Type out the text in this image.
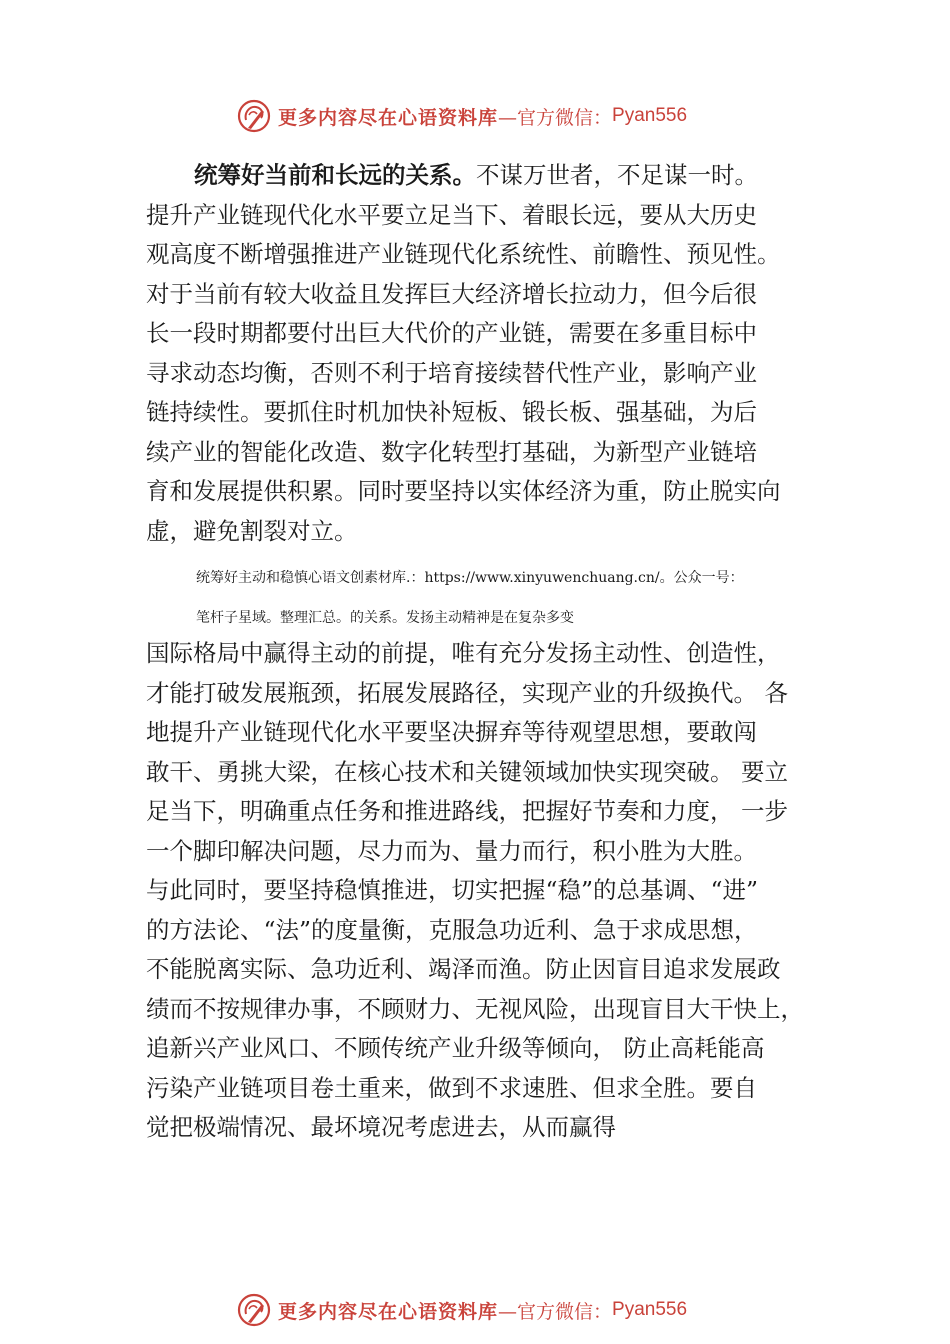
更多内容尽在心语资料库 —官方微信： Pyan556
统筹好当前和长远的关系。不谋万世者，不足谋一时。
提升产业链现代化水平要立足当下、着眼长远，要从大历史
观高度不断增强推进产业链现代化系统性、前瞻性、预见性。
对于当前有较大收益且发挥巨大经济增长拉动力，但今后很
长一段时期都要付出巨大代价的产业链，需要在多重目标中
寻求动态均衡，否则不利于培育接续替代性产业，影响产业
链持续性。要抓住时机加快补短板、锻长板、强基础，为后
续产业的智能化改造、数字化转型打基础，为新型产业链培
育和发展提供积累。同时要坚持以实体经济为重，防止脱实向
虚，避免割裂对立。
统筹好主动和稳慎心语文创素材库.：https://www.xinyuwenchuang.cn/。公众一号：
笔杆子星域。整理汇总。的关系。发扬主动精神是在复杂多变
国际格局中赢得主动的前提，唯有充分发扬主动性、创造性，
才能打破发展瓶颈，拓展发展路径，实现产业的升级换代。 各
地提升产业链现代化水平要坚决摒弃等待观望思想，要敢闯
敢干、勇挑大梁，在核心技术和关键领域加快实现突破。 要立
足当下，明确重点任务和推进路线，把握好节奏和力度， 一步
一个脚印解决问题，尽力而为、量力而行，积小胜为大胜。
与此同时，要坚持稳慎推进，切实把握“稳”的总基调、“进”
的方法论、“法”的度量衡，克服急功近利、急于求成思想，
不能脱离实际、急功近利、竭泽而渔。防止因盲目追求发展政
绩而不按规律办事，不顾财力、无视风险，出现盲目大干快上，
追新兴产业风口、不顾传统产业升级等倾向， 防止高耗能高
污染产业链项目卷土重来，做到不求速胜、但求全胜。要自
觉把极端情况、最坏境况考虑进去，从而赢得
更多内容尽在心语资料库 —官方微信： Pyan556
